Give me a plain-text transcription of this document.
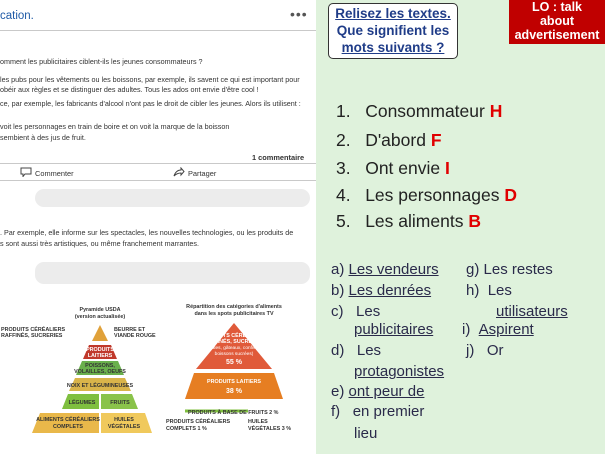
cation.	•••
omment les publicitaires ciblent-ils les jeunes consommateurs ?
les pubs pour les vêtements ou les boissons, par exemple, ils savent ce qui est important pour
obéir aux règles et se distinguer des adultes. Tous les ados ont envie d'être cool !
ce, par exemple, les fabricants d'alcool n'ont pas le droit de cibler les jeunes. Alors ils utilisent :
voit les personnages en train de boire et on voit la marque de la boisson
sembient à des jus de fruit.
1 commentaire
Commenter	Partager
. Par exemple, elle informe sur les spectacles, les nouvelles technologies, ou les produits de
s sont aussi très artistiques, ou même franchement marrantes.
Pyramide USDA
(version actualisée)
PRODUITS CÉRÉALIERS
RAFFINÉS, SUCRERIES
BEURRE ET
VIANDE ROUGE
PRODUITS
LAITIERS
POISSONS,
VOLAILLES, OEUFS
NOIX ET LÉGUMINEUSES
LÉGUMES	FRUITS
ALIMENTS CÉRÉALIERS
COMPLETS
HUILES
VÉGÉTALES
Répartition des catégories d'aliments
dans les spots publicitaires TV
PRODUITS CÉRÉALIERS
RAFFINÉS, SUCRERIES
(céréales, gâteaux, confiseries,
boissons sucrées)
55 %
PRODUITS LAITIERS
38 %
PRODUITS À BASE DE FRUITS 2 %
PRODUITS CÉRÉALIERS
COMPLETS 1 %
HUILES
VÉGÉTALES 3 %
Relisez les textes.
Que signifient les
mots suivants ?
LO : talk
about
advertisement
1. Consommateur H
2. D'abord F
3. Ont envie I
4. Les personnages D
5. Les aliments B
a) Les vendeurs
b) Les denrées
c) Les
publicitaires
d) Les
protagonistes
e) ont peur de
f) en premier
lieu
g) Les restes
h) Les
utilisateurs
i) Aspirent
j) Or
